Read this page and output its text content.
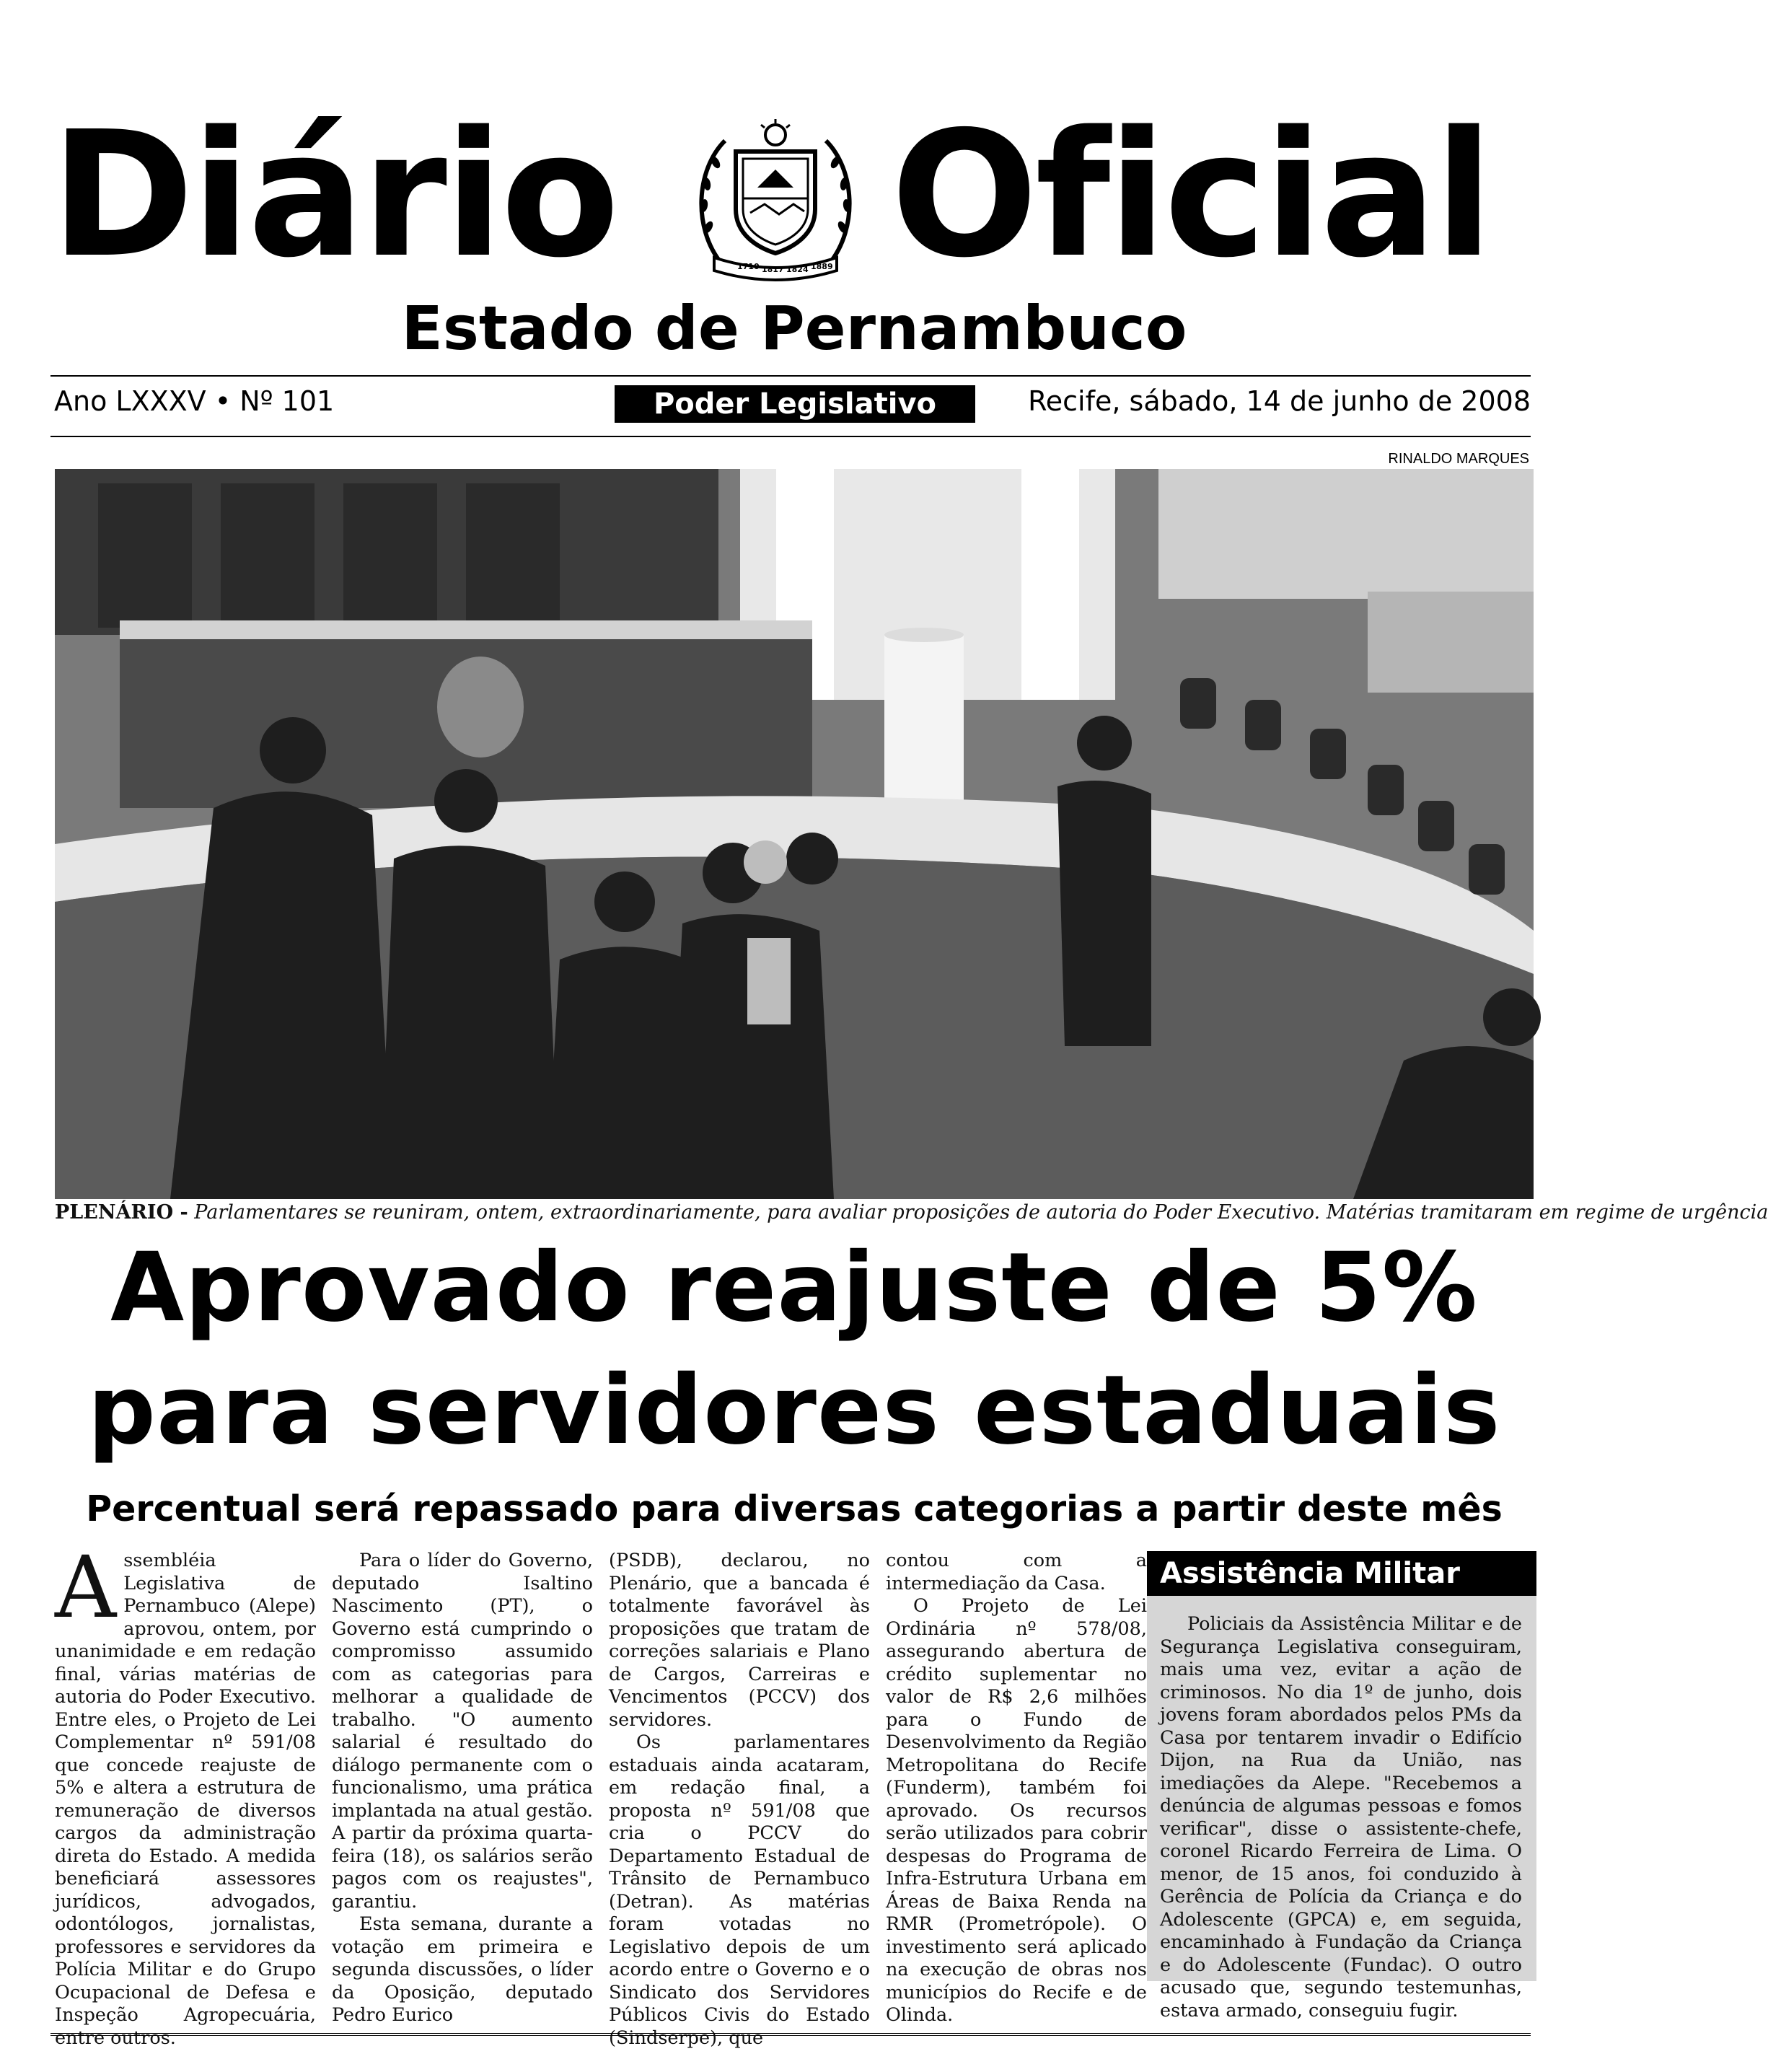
Diário	1710 1817 1824 1889 Oficial
Estado de Pernambuco
Ano LXXXV • Nº 101	Poder Legislativo	Recife, sábado, 14 de junho de 2008
RINALDO MARQUES
PLENÁRIO - Parlamentares se reuniram, ontem, extraordinariamente, para avaliar proposições de autoria do Poder Executivo. Matérias tramitaram em regime de urgência
Aprovado reajuste de 5%
para servidores estaduais
Percentual será repassado para diversas categorias a partir deste mês

Assembléia Legislativa de Pernambuco (Alepe) aprovou, ontem, por unanimidade e em redação final, várias matérias de autoria do Poder Executivo. Entre eles, o Projeto de Lei Complementar nº 591/08 que concede reajuste de 5% e altera a estrutura de remuneração de diversos cargos da administração direta do Estado. A medida beneficiará assessores jurídicos, advogados, odontólogos, jornalistas, professores e servidores da Polícia Militar e do Grupo Ocupacional de Defesa e Inspeção Agropecuária, entre outros.

Para o líder do Governo, deputado Isaltino Nascimento (PT), o Governo está cumprindo o compromisso assumido com as categorias para melhorar a qualidade de trabalho. "O aumento salarial é resultado do diálogo permanente com o funcionalismo, uma prática implantada na atual gestão. A partir da próxima quarta-feira (18), os salários serão pagos com os reajustes", garantiu.

Esta semana, durante a votação em primeira e segunda discussões, o líder da Oposição, deputado Pedro Eurico

(PSDB), declarou, no Plenário, que a bancada é totalmente favorável às proposições que tratam de correções salariais e Plano de Cargos, Carreiras e Vencimentos (PCCV) dos servidores.

Os parlamentares estaduais ainda acataram, em redação final, a proposta nº 591/08 que cria o PCCV do Departamento Estadual de Trânsito de Pernambuco (Detran). As matérias foram votadas no Legislativo depois de um acordo entre o Governo e o Sindicato dos Servidores Públicos Civis do Estado (Sindserpe), que

contou com a intermediação da Casa.

O Projeto de Lei Ordinária nº 578/08, assegurando abertura de crédito suplementar no valor de R$ 2,6 milhões para o Fundo de Desenvolvimento da Região Metropolitana do Recife (Funderm), também foi aprovado. Os recursos serão utilizados para cobrir despesas do Programa de Infra-Estrutura Urbana em Áreas de Baixa Renda na RMR (Prometrópole). O investimento será aplicado na execução de obras nos municípios do Recife e de Olinda.

Assistência Militar

Policiais da Assistência Militar e de Segurança Legislativa conseguiram, mais uma vez, evitar a ação de criminosos. No dia 1º de junho, dois jovens foram abordados pelos PMs da Casa por tentarem invadir o Edifício Dijon, na Rua da União, nas imediações da Alepe. "Recebemos a denúncia de algumas pessoas e fomos verificar", disse o assistente-chefe, coronel Ricardo Ferreira de Lima. O menor, de 15 anos, foi conduzido à Gerência de Polícia da Criança e do Adolescente (GPCA) e, em seguida, encaminhado à Fundação da Criança e do Adolescente (Fundac). O outro acusado que, segundo testemunhas, estava armado, conseguiu fugir.
